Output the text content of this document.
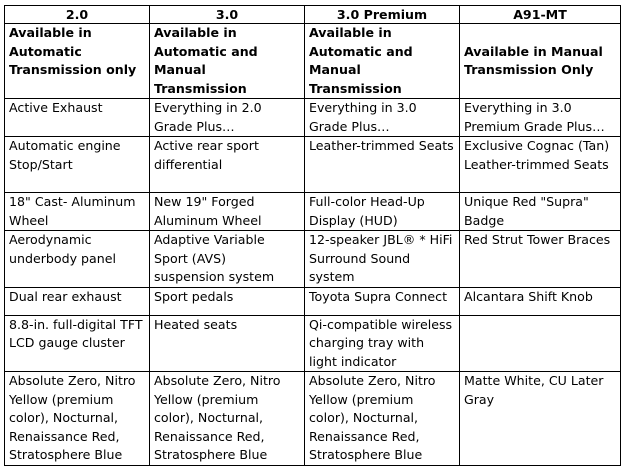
2.0	3.0	3.0 Premium	A91-MT
Available in Automatic Transmission only	Available in Automatic and Manual Transmission	Available in Automatic and Manual Transmission	Available in Manual Transmission Only
Active Exhaust	Everything in 2.0 Grade Plus…	Everything in 3.0 Grade Plus…	Everything in 3.0 Premium Grade Plus…
Automatic engine Stop/Start	Active rear sport differential	Leather-trimmed Seats	Exclusive Cognac (Tan) Leather-trimmed Seats
18" Cast- Aluminum Wheel	New 19" Forged Aluminum Wheel	Full-color Head-Up Display (HUD)	Unique Red "Supra" Badge
Aerodynamic underbody panel	Adaptive Variable Sport (AVS) suspension system	12-speaker JBL® * HiFi Surround Sound system	Red Strut Tower Braces
Dual rear exhaust	Sport pedals	Toyota Supra Connect	Alcantara Shift Knob
8.8-in. full-digital TFT LCD gauge cluster	Heated seats	Qi-compatible wireless charging tray with light indicator	
Absolute Zero, Nitro Yellow (premium color), Nocturnal, Renaissance Red, Stratosphere Blue	Absolute Zero, Nitro Yellow (premium color), Nocturnal, Renaissance Red, Stratosphere Blue	Absolute Zero, Nitro Yellow (premium color), Nocturnal, Renaissance Red, Stratosphere Blue	Matte White, CU Later Gray
